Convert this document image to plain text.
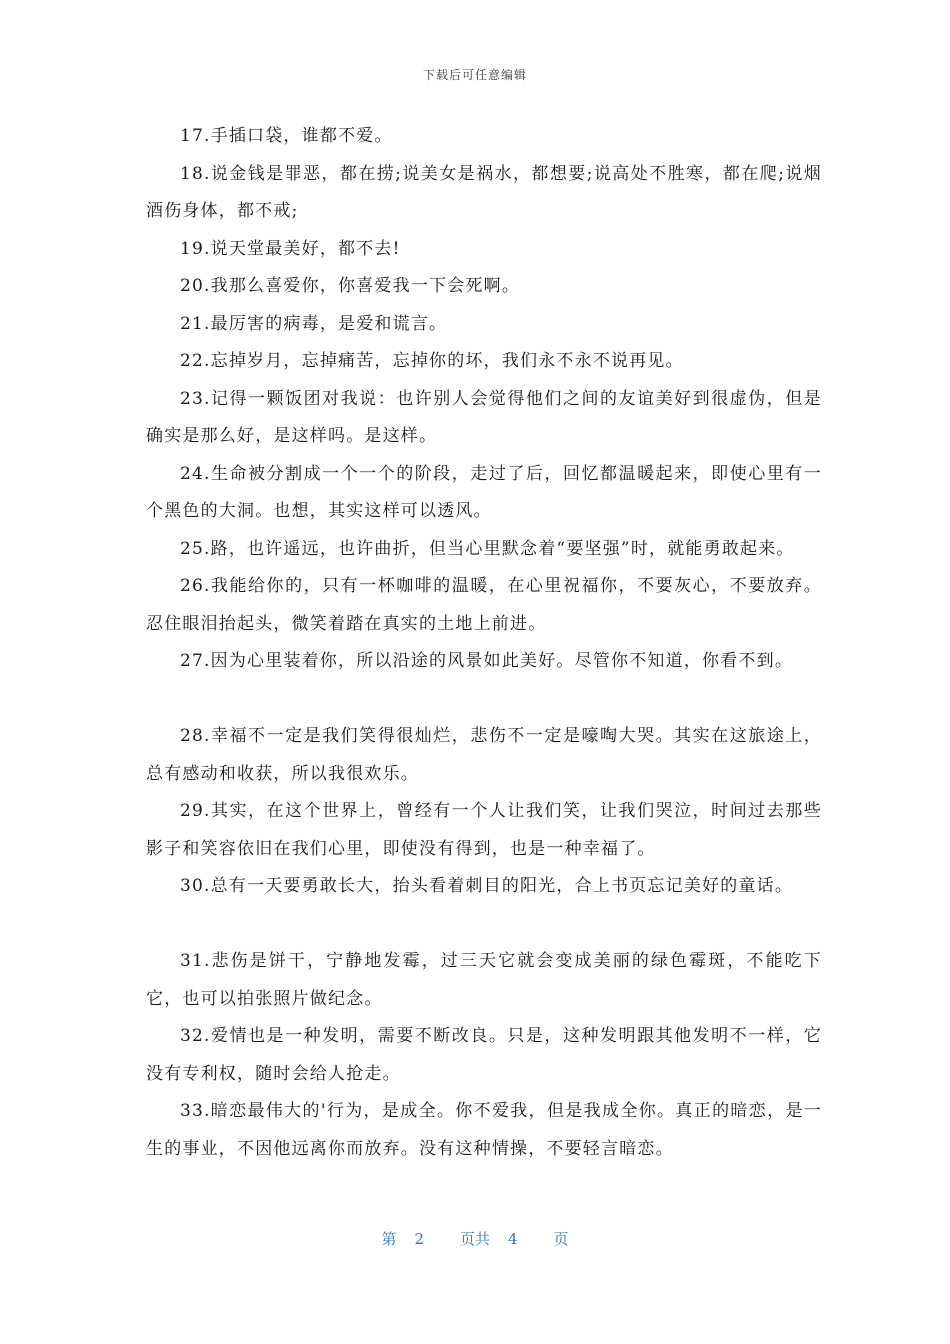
下载后可任意编辑

17.手插口袋，谁都不爱。

18.说金钱是罪恶，都在捞;说美女是祸水，都想要;说高处不胜寒，都在爬;说烟酒伤身体，都不戒;

19.说天堂最美好，都不去!

20.我那么喜爱你，你喜爱我一下会死啊。

21.最厉害的病毒，是爱和谎言。

22.忘掉岁月，忘掉痛苦，忘掉你的坏，我们永不永不说再见。

23.记得一颗饭团对我说：也许别人会觉得他们之间的友谊美好到很虚伪，但是确实是那么好，是这样吗。是这样。

24.生命被分割成一个一个的阶段，走过了后，回忆都温暖起来，即使心里有一个黑色的大洞。也想，其实这样可以透风。

25.路，也许遥远，也许曲折，但当心里默念着“要坚强”时，就能勇敢起来。

26.我能给你的，只有一杯咖啡的温暖，在心里祝福你，不要灰心，不要放弃。忍住眼泪抬起头，微笑着踏在真实的土地上前进。

27.因为心里装着你，所以沿途的风景如此美好。尽管你不知道，你看不到。

28.幸福不一定是我们笑得很灿烂，悲伤不一定是嚎啕大哭。其实在这旅途上，总有感动和收获，所以我很欢乐。

29.其实，在这个世界上，曾经有一个人让我们笑，让我们哭泣，时间过去那些影子和笑容依旧在我们心里，即使没有得到，也是一种幸福了。

30.总有一天要勇敢长大，抬头看着刺目的阳光，合上书页忘记美好的童话。

31.悲伤是饼干，宁静地发霉，过三天它就会变成美丽的绿色霉斑，不能吃下它，也可以拍张照片做纪念。

32.爱情也是一种发明，需要不断改良。只是，这种发明跟其他发明不一样，它没有专利权，随时会给人抢走。

33.暗恋最伟大的'行为，是成全。你不爱我，但是我成全你。真正的暗恋，是一生的事业，不因他远离你而放弃。没有这种情操，不要轻言暗恋。

第 2 页共 4 页
